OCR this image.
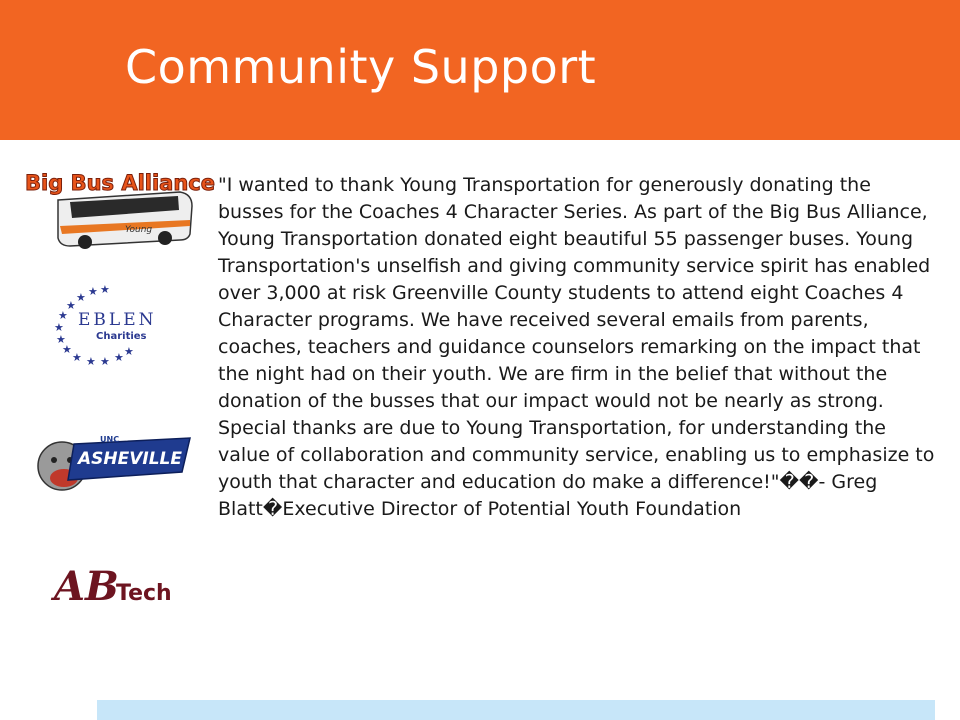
Community Support
Young
Big Bus Alliance
★ ★
★
★
★
★
★
★
★ ★ ★ ★ ★
EBLEN
Charities
ASHEVILLE
UNC
AB
Tech
"I wanted to thank Young Transportation for generously donating the busses for the Coaches 4 Character Series. As part of the Big Bus Alliance, Young Transportation donated eight beautiful 55 passenger buses. Young Transportation's unselfish and giving community service spirit has enabled over 3,000 at risk Greenville County students to attend eight Coaches 4 Character programs. We have received several emails from parents, coaches, teachers and guidance counselors remarking on the impact that the night had on their youth. We are firm in the belief that without the donation of the busses that our impact would not be nearly as strong. Special thanks are due to Young Transportation, for understanding the value of collaboration and community service, enabling us to emphasize to youth that character and education do make a difference!"��- Greg Blatt�Executive Director of Potential Youth Foundation
